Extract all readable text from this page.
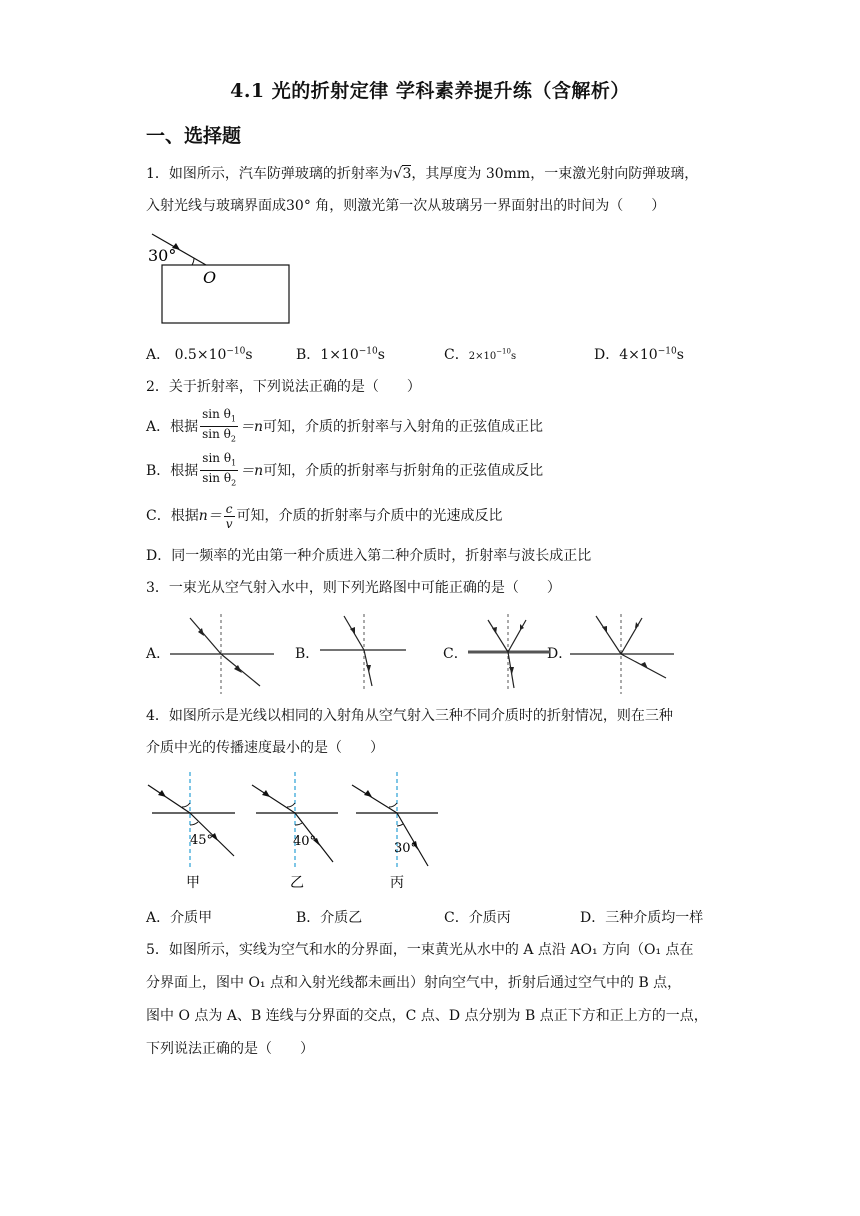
4.1 光的折射定律 学科素养提升练（含解析）
一、选择题
1．如图所示，汽车防弹玻璃的折射率为√3，其厚度为 30mm，一束激光射向防弹玻璃，
入射光线与玻璃界面成30° 角，则激光第一次从玻璃另一界面射出的时间为（　　）
30°
O
A． $0.5\times 10^{-10}s$	B．$1\times 10^{-10}s$	C．$2\times 10^{-10}s$	D．$4\times 10^{-10}s$
2．关于折射率，下列说法正确的是（　　）
A．根据 $\frac{\sin \theta_1}{\sin \theta_2} =n$可知，介质的折射率与入射角的正弦值成正比
B．根据 $\frac{\sin \theta_1}{\sin \theta_2} =n$可知，介质的折射率与折射角的正弦值成反比
C．根据$n= \frac{c}{v}$ 可知，介质的折射率与介质中的光速成反比
D．同一频率的光由第一种介质进入第二种介质时，折射率与波长成正比
3．一束光从空气射入水中，则下列光路图中可能正确的是（　　）
A．	B．	C．	D．
4．如图所示是光线以相同的入射角从空气射入三种不同介质时的折射情况，则在三种
介质中光的传播速度最小的是（　　）
45°
甲
40°
乙
30°
丙
A．介质甲	B．介质乙	C．介质丙	D．三种介质均一样
5．如图所示，实线为空气和水的分界面，一束黄光从水中的 A 点沿 AO₁ 方向（O₁ 点在
分界面上，图中 O₁ 点和入射光线都未画出）射向空气中，折射后通过空气中的 B 点，
图中 O 点为 A、B 连线与分界面的交点，C 点、D 点分别为 B 点正下方和正上方的一点，
下列说法正确的是（　　）
